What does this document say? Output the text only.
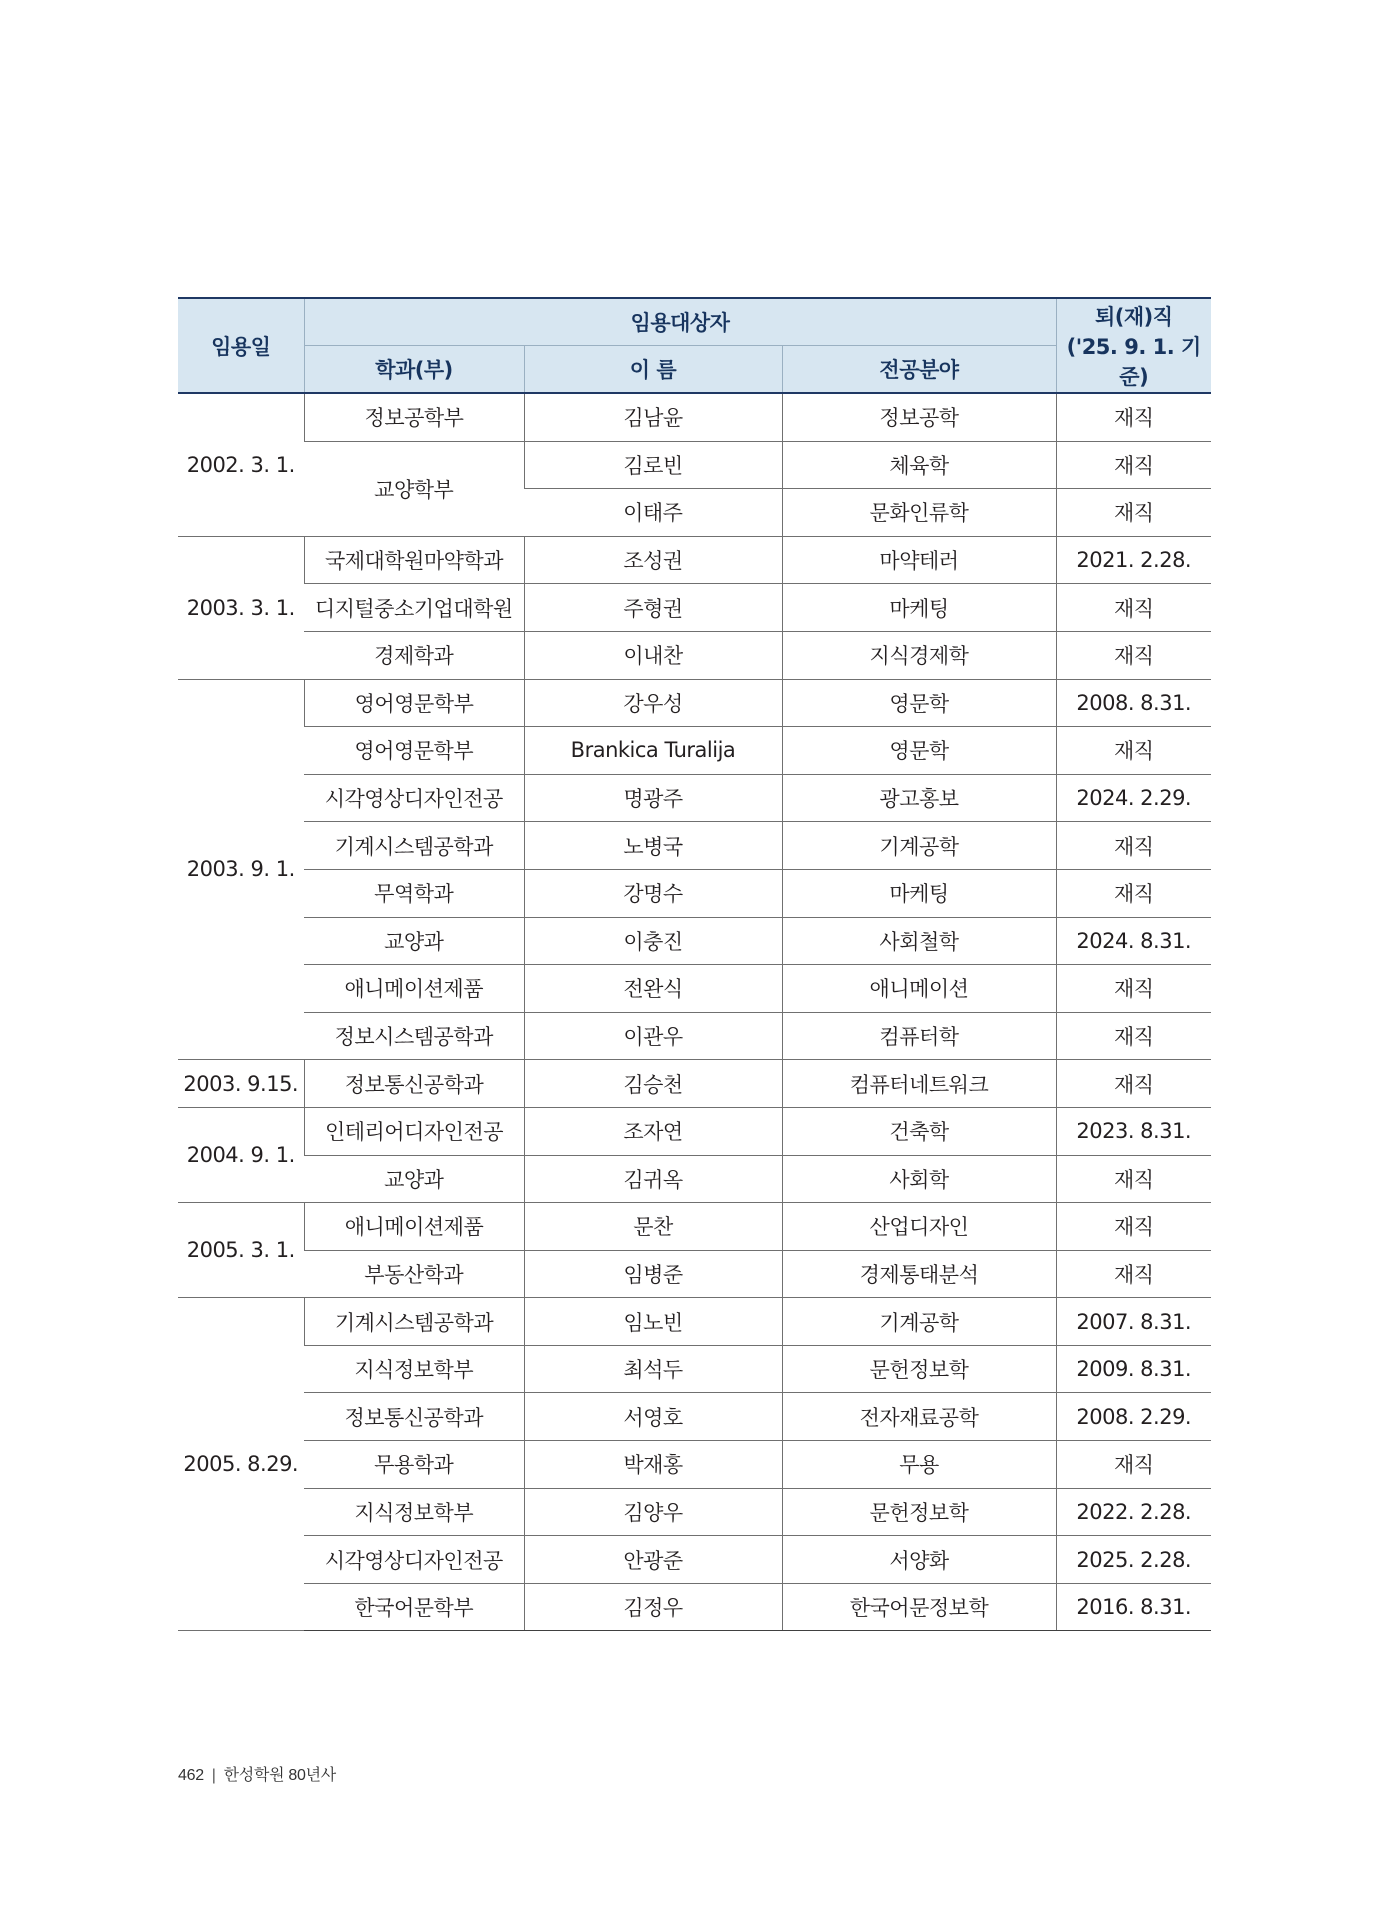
임용일	임용대상자			퇴(재)직
('25. 9. 1. 기준)

	학과(부)	이 름	전공분야	
2002. 3. 1.	정보공학부	김남윤	정보공학	재직
	교양학부	김로빈	체육학	재직
		이태주	문화인류학	재직
2003. 3. 1.	국제대학원마약학과	조성권	마약테러	2021. 2.28.
	디지털중소기업대학원	주형권	마케팅	재직
	경제학과	이내찬	지식경제학	재직
2003. 9. 1.	영어영문학부	강우성	영문학	2008. 8.31.
	영어영문학부	Brankica Turalija	영문학	재직
	시각영상디자인전공	명광주	광고홍보	2024. 2.29.
	기계시스템공학과	노병국	기계공학	재직
	무역학과	강명수	마케팅	재직
	교양과	이충진	사회철학	2024. 8.31.
	애니메이션제품	전완식	애니메이션	재직
	정보시스템공학과	이관우	컴퓨터학	재직
2003. 9.15.	정보통신공학과	김승천	컴퓨터네트워크	재직
2004. 9. 1.	인테리어디자인전공	조자연	건축학	2023. 8.31.
	교양과	김귀옥	사회학	재직
2005. 3. 1.	애니메이션제품	문찬	산업디자인	재직
	부동산학과	임병준	경제통태분석	재직
2005. 8.29.	기계시스템공학과	임노빈	기계공학	2007. 8.31.
	지식정보학부	최석두	문헌정보학	2009. 8.31.
	정보통신공학과	서영호	전자재료공학	2008. 2.29.
	무용학과	박재홍	무용	재직
	지식정보학부	김양우	문헌정보학	2022. 2.28.
	시각영상디자인전공	안광준	서양화	2025. 2.28.
	한국어문학부	김정우	한국어문정보학	2016. 8.31.
462 | 한성학원 80년사
